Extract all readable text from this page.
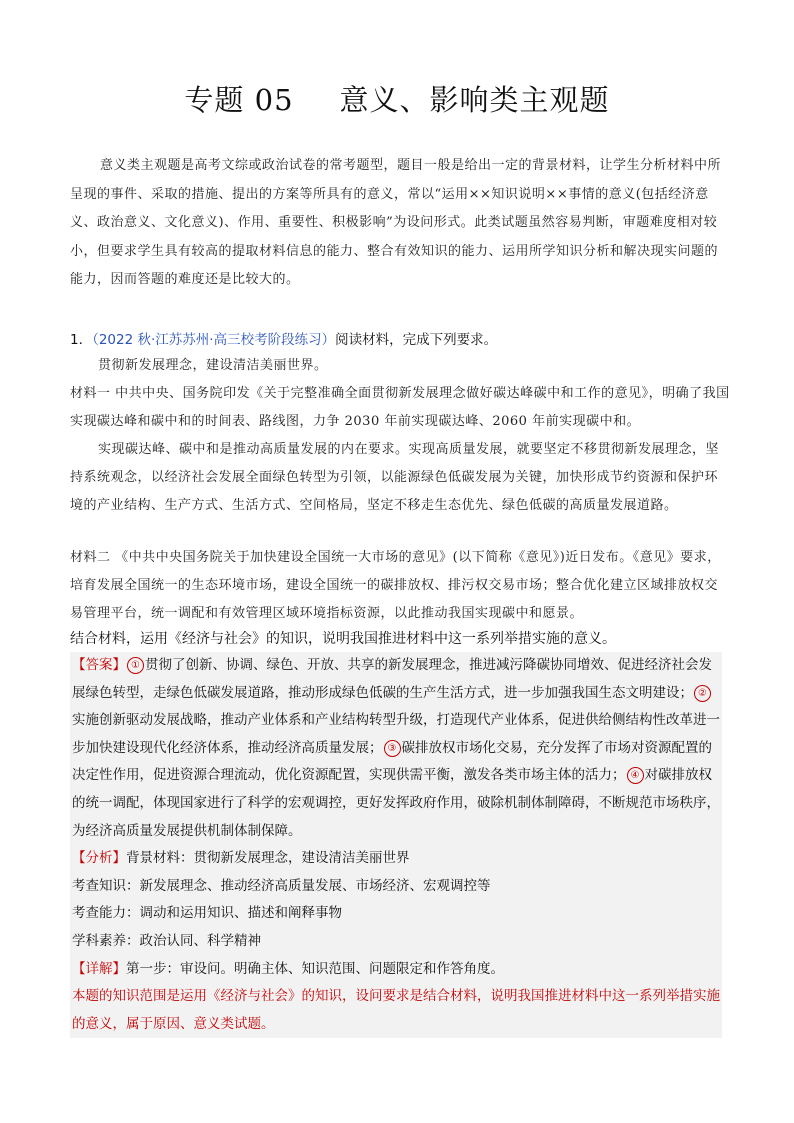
专题 05 意义、影响类主观题
意义类主观题是高考文综或政治试卷的常考题型，题目一般是给出一定的背景材料，让学生分析材料中所呈现的事件、采取的措施、提出的方案等所具有的意义，常以“运用××知识说明××事情的意义(包括经济意义、政治意义、文化意义)、作用、重要性、积极影响”为设问形式。此类试题虽然容易判断，审题难度相对较小，但要求学生具有较高的提取材料信息的能力、整合有效知识的能力、运用所学知识分析和解决现实问题的能力，因而答题的难度还是比较大的。
1．（2022 秋·江苏苏州·高三校考阶段练习）阅读材料，完成下列要求。
贯彻新发展理念，建设清洁美丽世界。
材料一 中共中央、国务院印发《关于完整准确全面贯彻新发展理念做好碳达峰碳中和工作的意见》，明确了我国实现碳达峰和碳中和的时间表、路线图，力争 2030 年前实现碳达峰、2060 年前实现碳中和。
实现碳达峰、碳中和是推动高质量发展的内在要求。实现高质量发展，就要坚定不移贯彻新发展理念，坚持系统观念，以经济社会发展全面绿色转型为引领，以能源绿色低碳发展为关键，加快形成节约资源和保护环境的产业结构、生产方式、生活方式、空间格局，坚定不移走生态优先、绿色低碳的高质量发展道路。
材料二 《中共中央国务院关于加快建设全国统一大市场的意见》(以下简称《意见》)近日发布。《意见》要求，培育发展全国统一的生态环境市场，建设全国统一的碳排放权、排污权交易市场；整合优化建立区域排放权交易管理平台，统一调配和有效管理区域环境指标资源，以此推动我国实现碳中和愿景。
结合材料，运用《经济与社会》的知识，说明我国推进材料中这一系列举措实施的意义。
【答案】 ① 贯彻了创新、协调、绿色、开放、共享的新发展理念，推进减污降碳协同增效、促进经济社会发展绿色转型，走绿色低碳发展道路，推动形成绿色低碳的生产生活方式，进一步加强我国生态文明建设； ②实施创新驱动发展战略，推动产业体系和产业结构转型升级，打造现代产业体系，促进供给侧结构性改革进一步加快建设现代化经济体系，推动经济高质量发展； ③ 碳排放权市场化交易，充分发挥了市场对资源配置的决定性作用，促进资源合理流动，优化资源配置，实现供需平衡，激发各类市场主体的活力； ④ 对碳排放权的统一调配，体现国家进行了科学的宏观调控，更好发挥政府作用，破除机制体制障碍，不断规范市场秩序，为经济高质量发展提供机制体制保障。
【分析】背景材料：贯彻新发展理念，建设清洁美丽世界
考查知识：新发展理念、推动经济高质量发展、市场经济、宏观调控等
考查能力：调动和运用知识、描述和阐释事物
学科素养：政治认同、科学精神
【详解】第一步：审设问。明确主体、知识范围、问题限定和作答角度。
本题的知识范围是运用《经济与社会》的知识，设问要求是结合材料，说明我国推进材料中这一系列举措实施的意义，属于原因、意义类试题。
